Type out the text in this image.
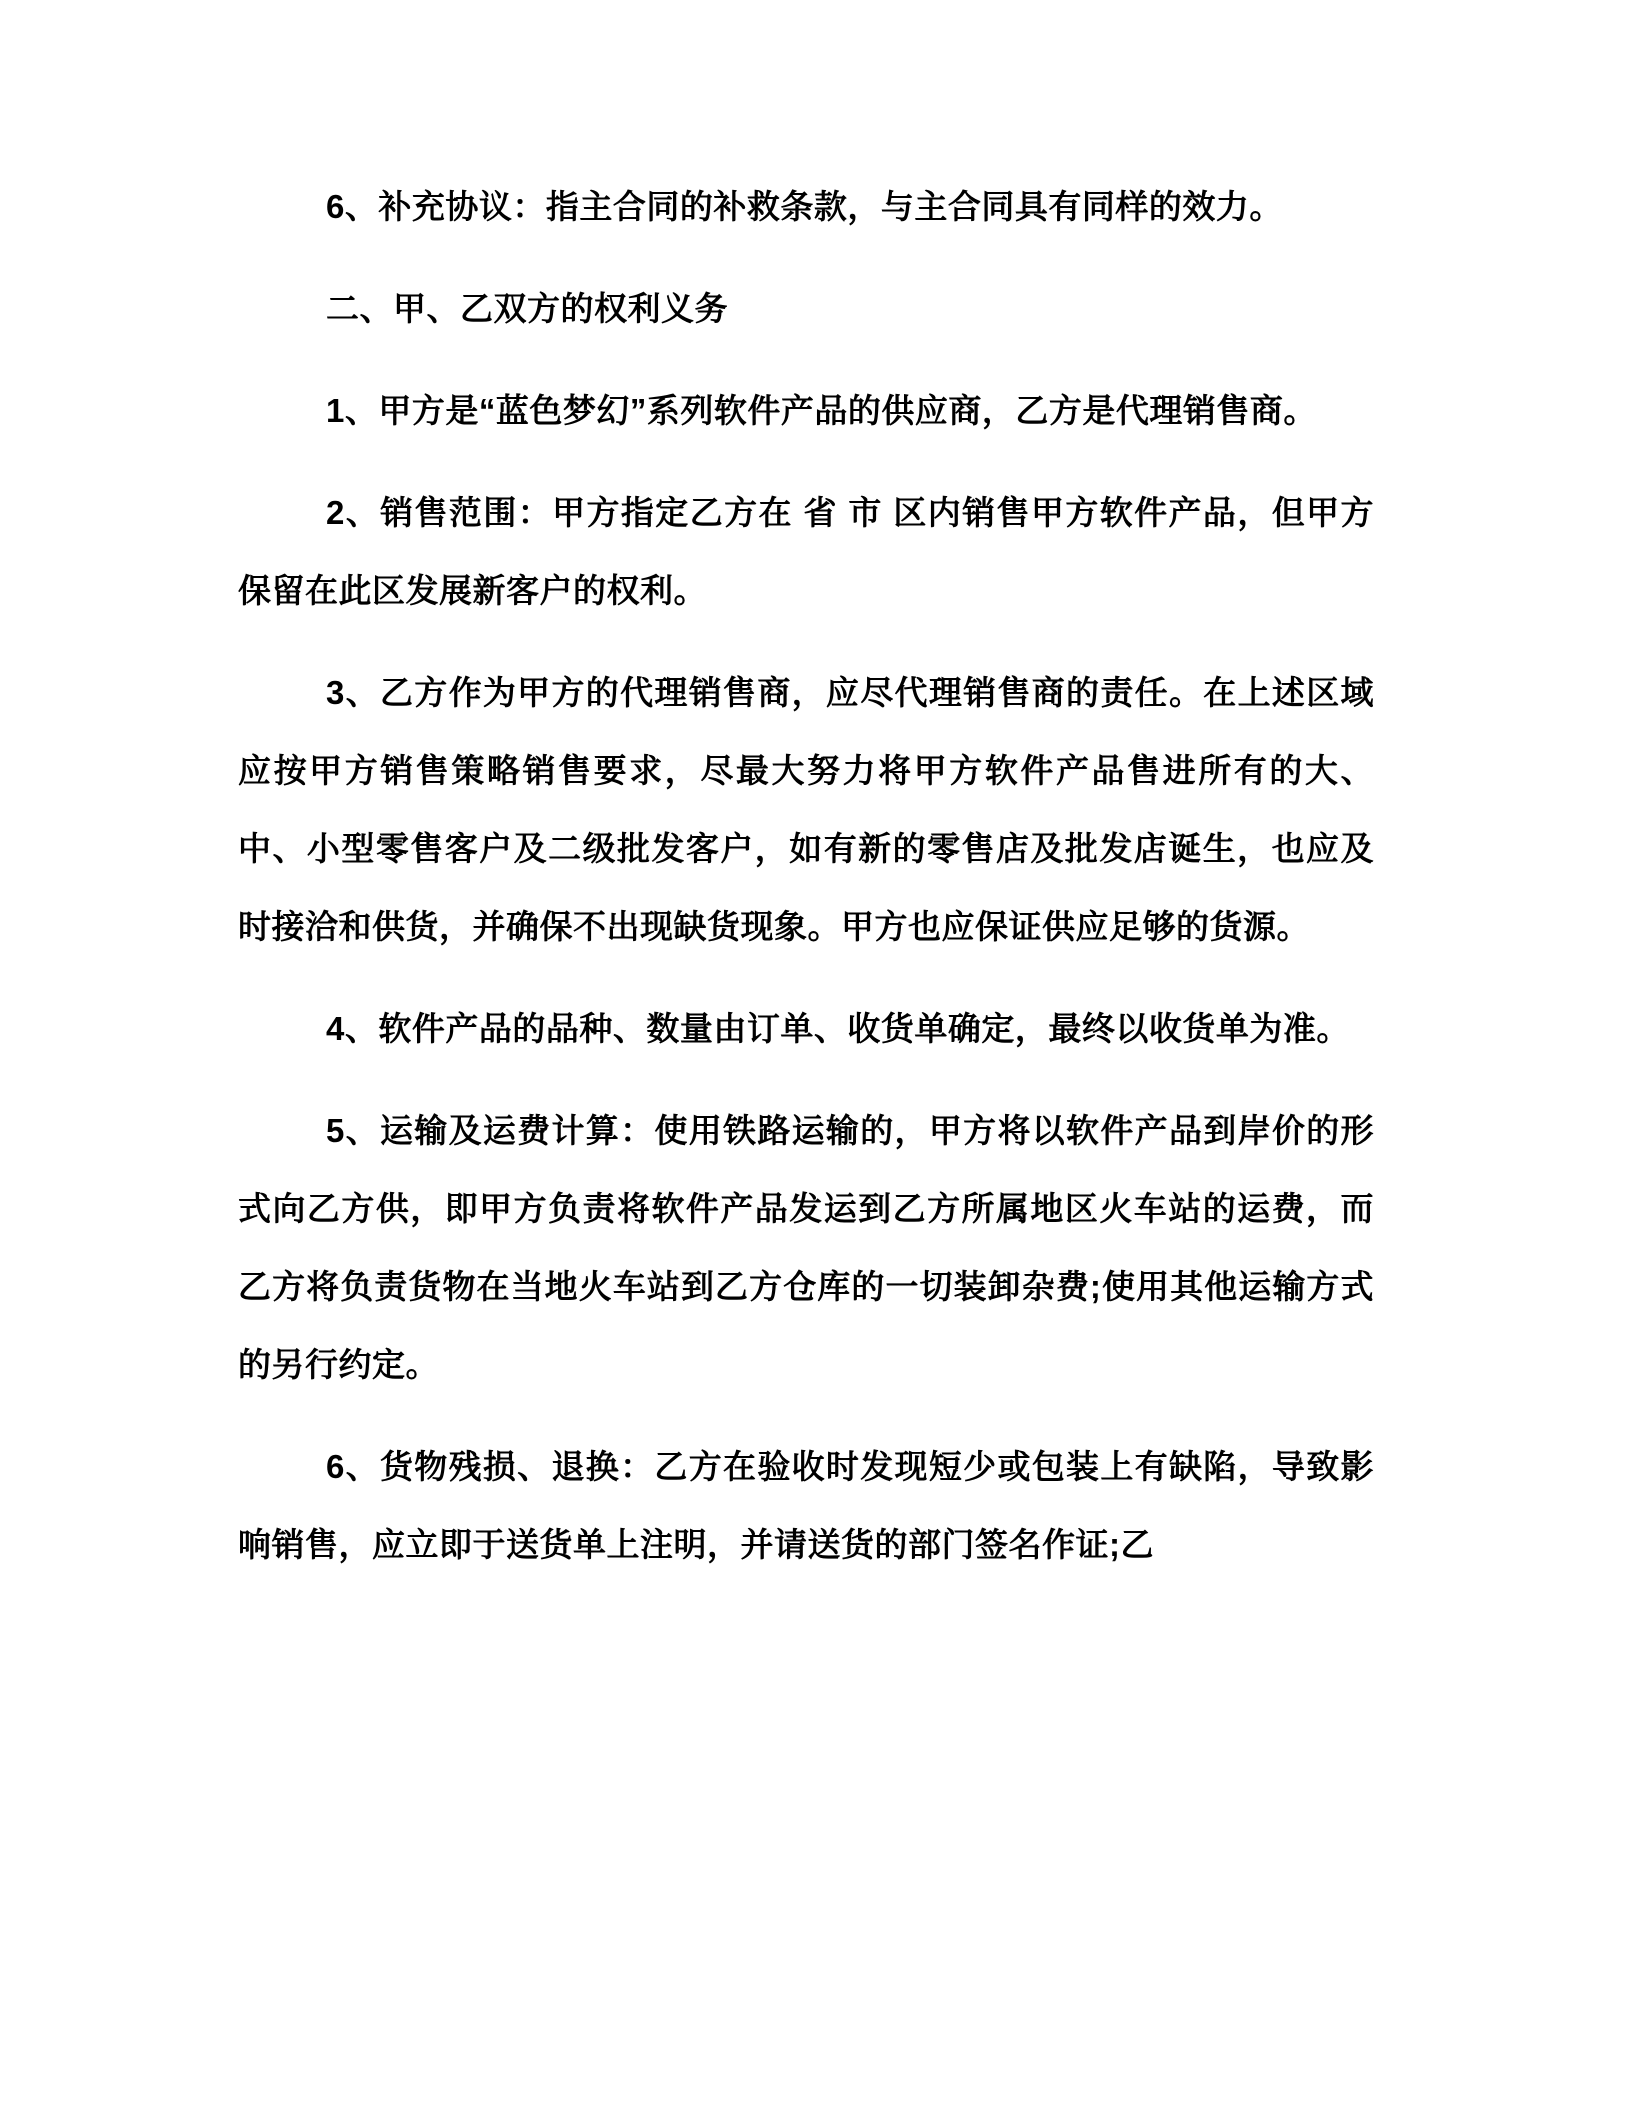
6、补充协议：指主合同的补救条款，与主合同具有同样的效力。

二、甲、乙双方的权利义务

1、甲方是“蓝色梦幻”系列软件产品的供应商，乙方是代理销售商。

2、销售范围：甲方指定乙方在 省 市 区内销售甲方软件产品，但甲方保留在此区发展新客户的权利。

3、乙方作为甲方的代理销售商，应尽代理销售商的责任。在上述区域应按甲方销售策略销售要求，尽最大努力将甲方软件产品售进所有的大、中、小型零售客户及二级批发客户，如有新的零售店及批发店诞生，也应及时接洽和供货，并确保不出现缺货现象。甲方也应保证供应足够的货源。

4、软件产品的品种、数量由订单、收货单确定，最终以收货单为准。

5、运输及运费计算：使用铁路运输的，甲方将以软件产品到岸价的形式向乙方供，即甲方负责将软件产品发运到乙方所属地区火车站的运费，而乙方将负责货物在当地火车站到乙方仓库的一切装卸杂费;使用其他运输方式的另行约定。

6、货物残损、退换：乙方在验收时发现短少或包装上有缺陷，导致影响销售，应立即于送货单上注明，并请送货的部门签名作证;乙
